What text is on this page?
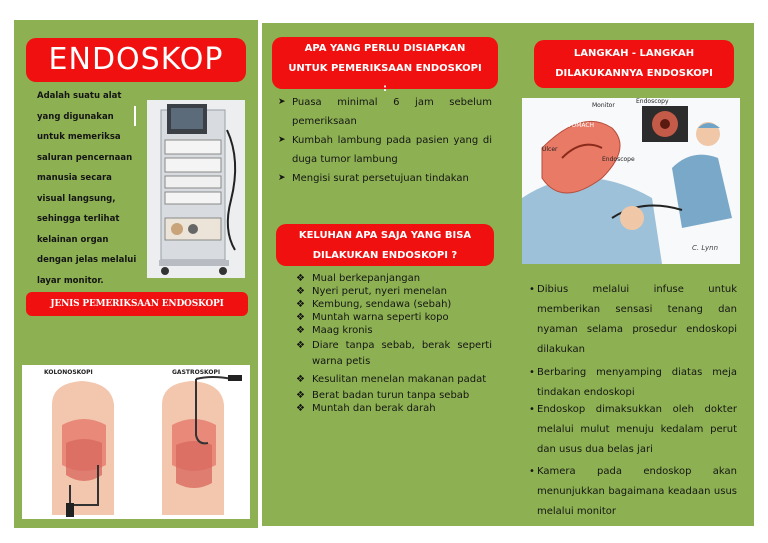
ENDOSKOP
Adalah suatu alat
yang digunakan
untuk memeriksa
saluran pencernaan
manusia secara
visual langsung,
sehingga terlihat
kelainan organ
dengan jelas melalui
layar monitor.
JENIS PEMERIKSAAN ENDOSKOPI
KOLONOSKOPI	GASTROSKOPI
APA YANG PERLU DISIAPKAN UNTUK PEMERIKSAAN ENDOSKOPI :
➤ Puasa minimal 6 jam sebelum pemeriksaan
➤ Kumbah lambung pada pasien yang di duga tumor lambung
➤ Mengisi surat persetujuan tindakan
KELUHAN APA SAJA YANG BISA DILAKUKAN ENDOSKOPI ?
❖ Mual berkepanjangan
❖ Nyeri perut, nyeri menelan
❖ Kembung, sendawa (sebah)
❖ Muntah warna seperti kopo
❖ Maag kronis
❖ Diare tanpa sebab, berak seperti warna petis
❖ Kesulitan menelan makanan padat
❖ Berat badan turun tanpa sebab
❖ Muntah dan berak darah
LANGKAH - LANGKAH DILAKUKANNYA ENDOSKOPI
Monitor
Endoscopy
STOMACH
Ulcer
Endoscope
C. Lynn
• Dibius melalui infuse untuk memberikan sensasi tenang dan nyaman selama prosedur endoskopi dilakukan
• Berbaring menyamping diatas meja tindakan endoskopi
• Endoskop dimaksukkan oleh dokter melalui mulut menuju kedalam perut dan usus dua belas jari
• Kamera pada endoskop akan menunjukkan bagaimana keadaan usus melalui monitor
